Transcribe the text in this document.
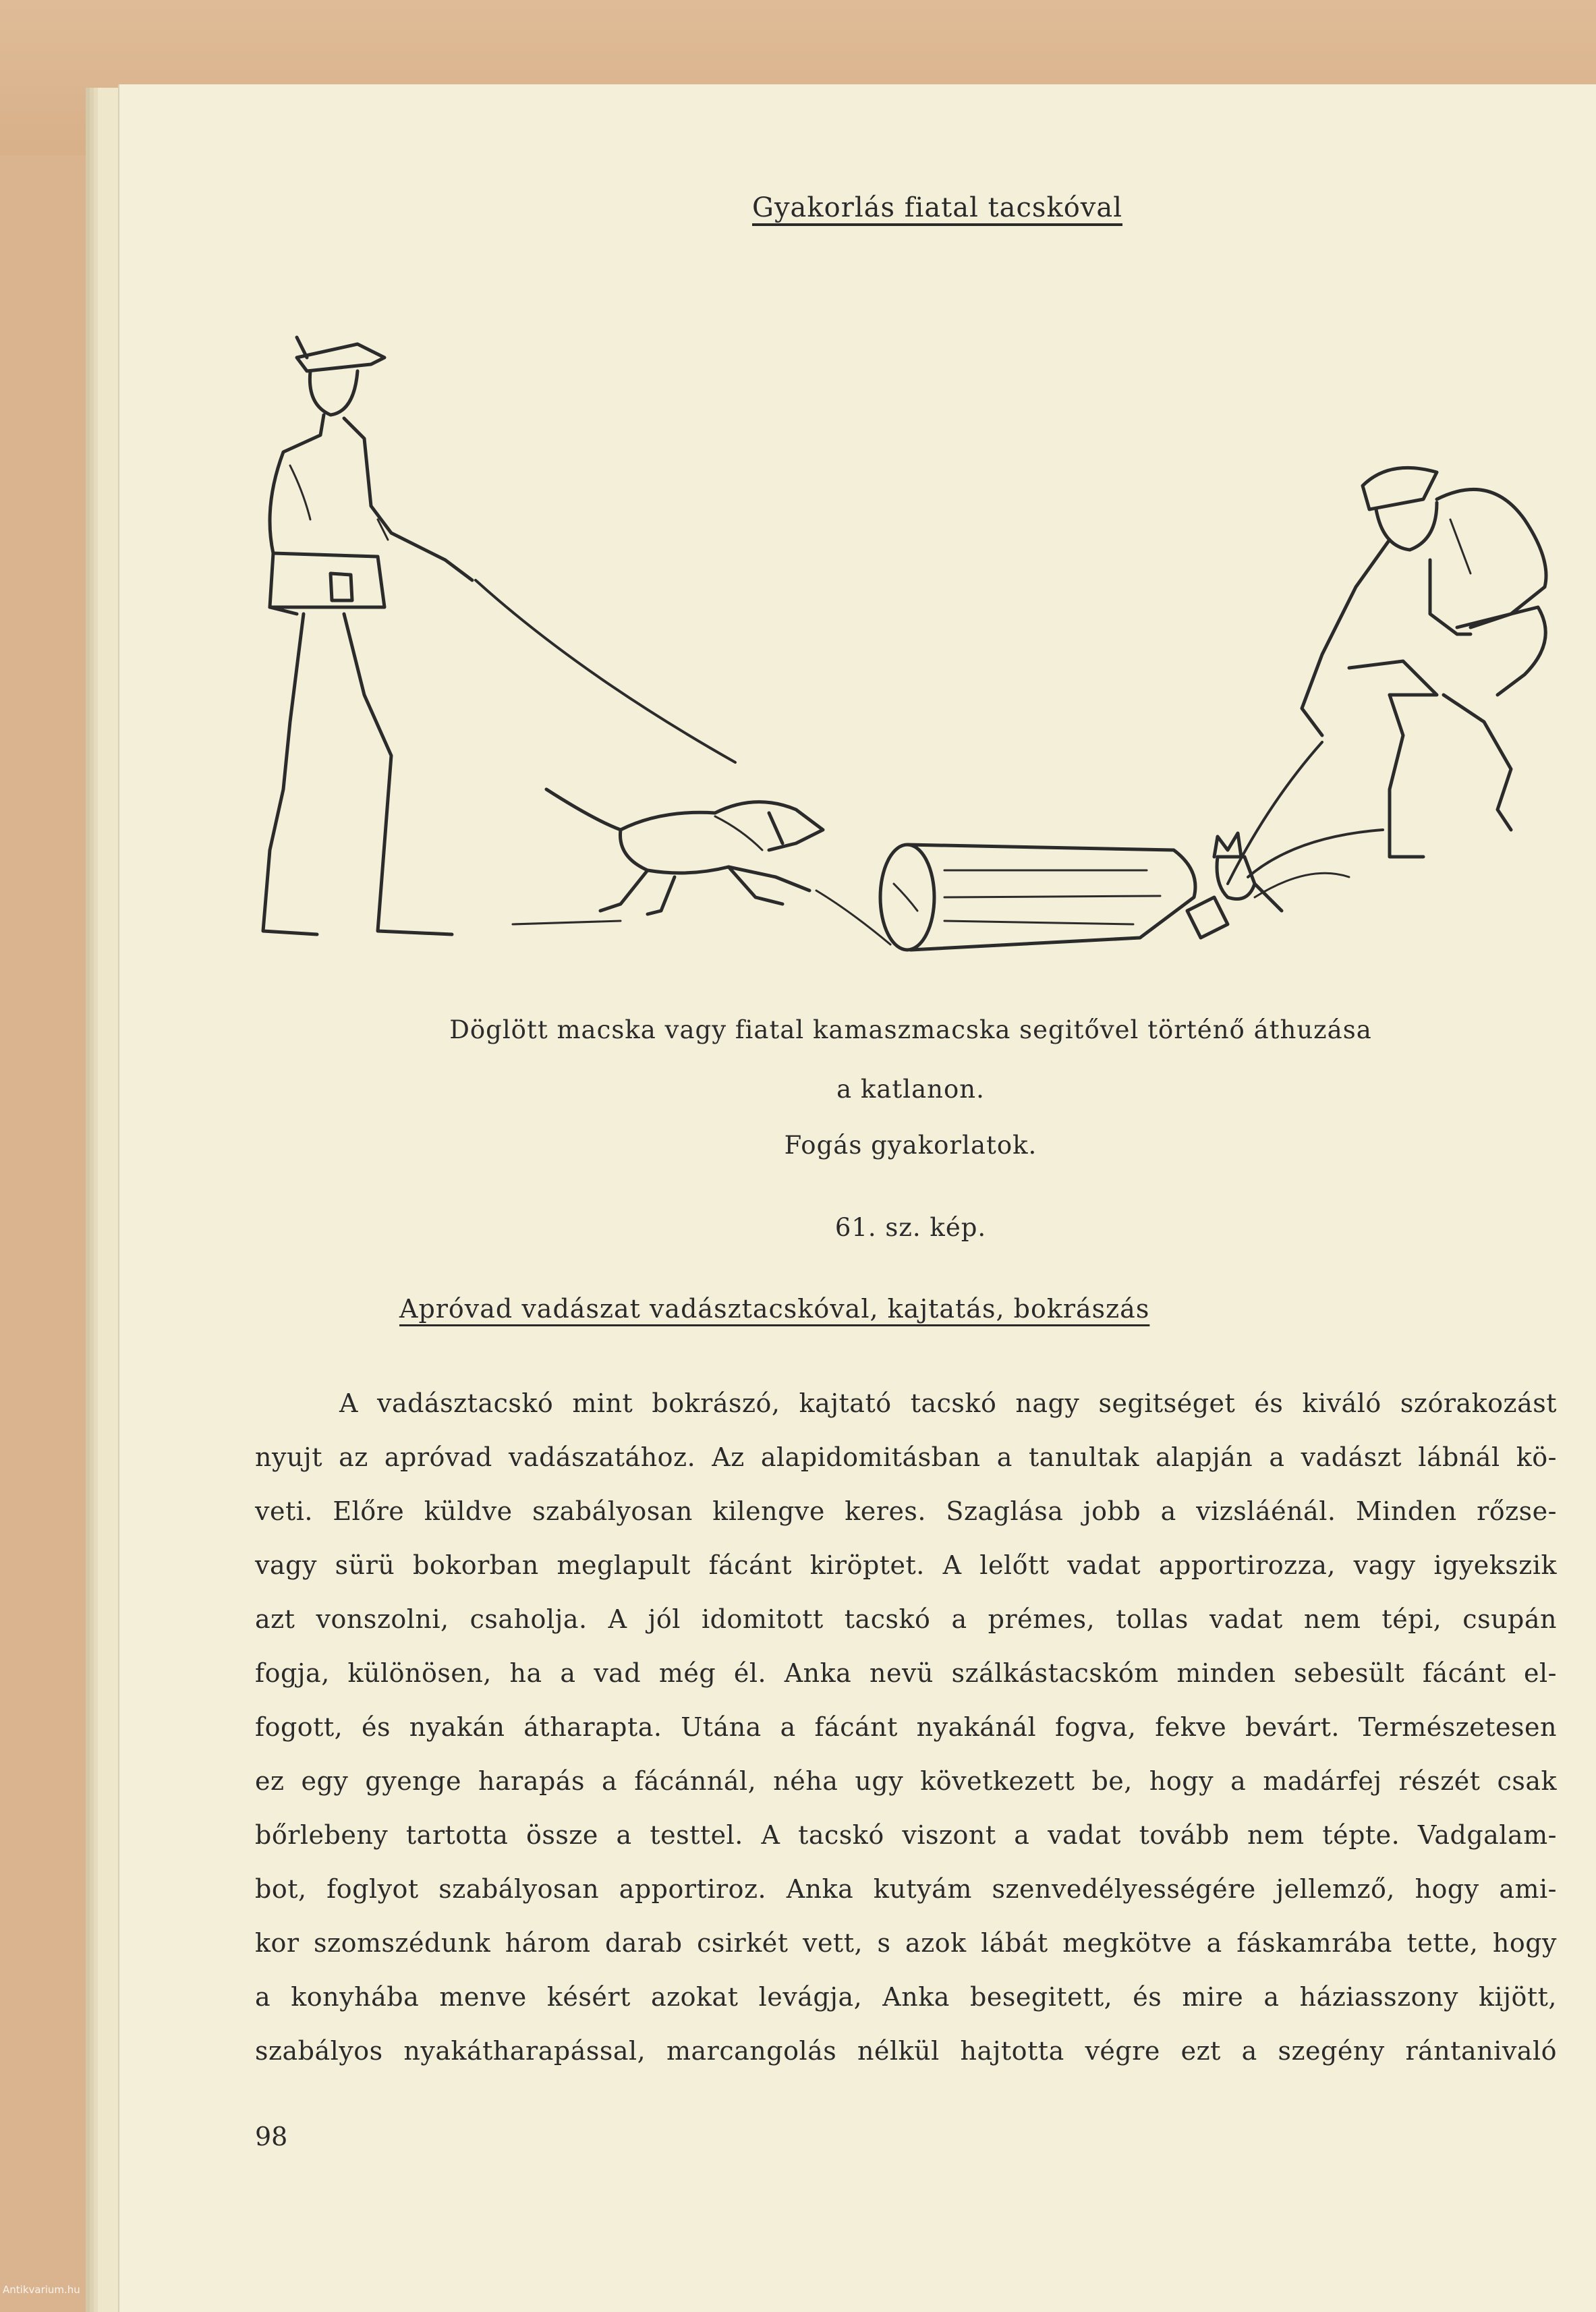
Gyakorlás fiatal tacskóval
Döglött macska vagy fiatal kamaszmacska segitővel történő áthuzása
a katlanon.
Fogás gyakorlatok.
61. sz. kép.
Apróvad vadászat vadásztacskóval, kajtatás, bokrászás
A vadásztacskó mint bokrászó, kajtató tacskó nagy segitséget és kiváló szórakozást
nyujt az apróvad vadászatához. Az alapidomitásban a tanultak alapján a vadászt lábnál kö-
veti. Előre küldve szabályosan kilengve keres. Szaglása jobb a vizsláénál. Minden rőzse-
vagy sürü bokorban meglapult fácánt kiröptet. A lelőtt vadat apportirozza, vagy igyekszik
azt vonszolni, csaholja. A jól idomitott tacskó a prémes, tollas vadat nem tépi, csupán
fogja, különösen, ha a vad még él. Anka nevü szálkástacskóm minden sebesült fácánt el-
fogott, és nyakán átharapta. Utána a fácánt nyakánál fogva, fekve bevárt. Természetesen
ez egy gyenge harapás a fácánnál, néha ugy következett be, hogy a madárfej részét csak
bőrlebeny tartotta össze a testtel. A tacskó viszont a vadat tovább nem tépte. Vadgalam-
bot, foglyot szabályosan apportiroz. Anka kutyám szenvedélyességére jellemző, hogy ami-
kor szomszédunk három darab csirkét vett, s azok lábát megkötve a fáskamrába tette, hogy
a konyhába menve késért azokat levágja, Anka besegitett, és mire a háziasszony kijött,
szabályos nyakátharapással, marcangolás nélkül hajtotta végre ezt a szegény rántanivaló
98
Antikvarium.hu
